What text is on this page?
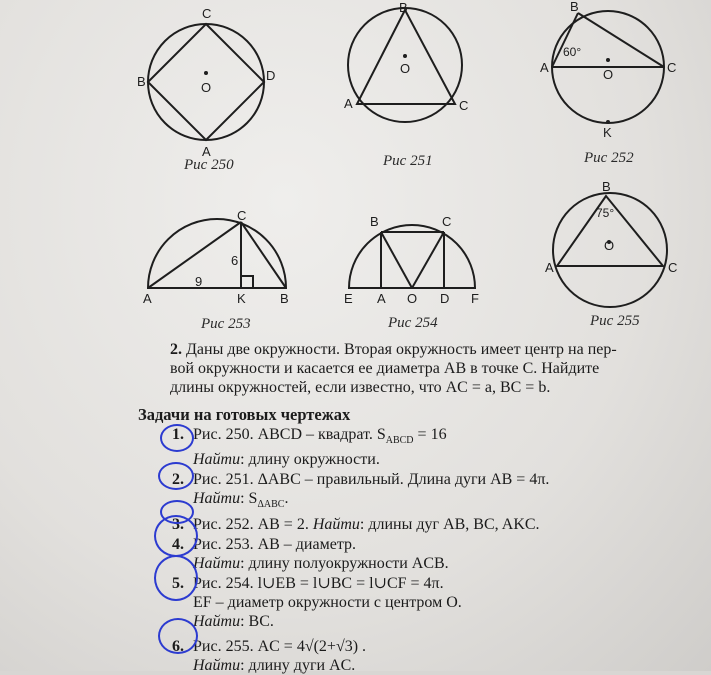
C
B	D
A
O
B
A	C
O
B
A	C
O
K
60°
C
A	K	B
6
9
B	C
E A O D F
B
A	C
O
75°
Рис 250	Рис 251	Рис 252
Рис 253	Рис 254	Рис 255

2. Даны две окружности. Вторая окружность имеет центр на пер-

вой окружности и касается ее диаметра AB в точке C. Найдите

длины окружностей, если известно, что AC = a, BC = b.

Задачи на готовых чертежах
1. Рис. 250. ABCD – квадрат. $S_{ABCD} = 16$
Найти: длину окружности.
2. Рис. 251. ΔABC – правильный. Длина дуги AB = 4π.
Найти: $S_{\Delta ABC}$.
3. Рис. 252. AB = 2. Найти: длины дуг AB, BC, AKC.
4. Рис. 253. AB – диаметр.
Найти: длину полуокружности ACB.
5. Рис. 254. l∪EB = l∪BC = l∪CF = 4π.
EF – диаметр окружности с центром O.
Найти: BC.
6. Рис. 255. AC = 4√(2+√3) .
Найти: длину дуги AC.
